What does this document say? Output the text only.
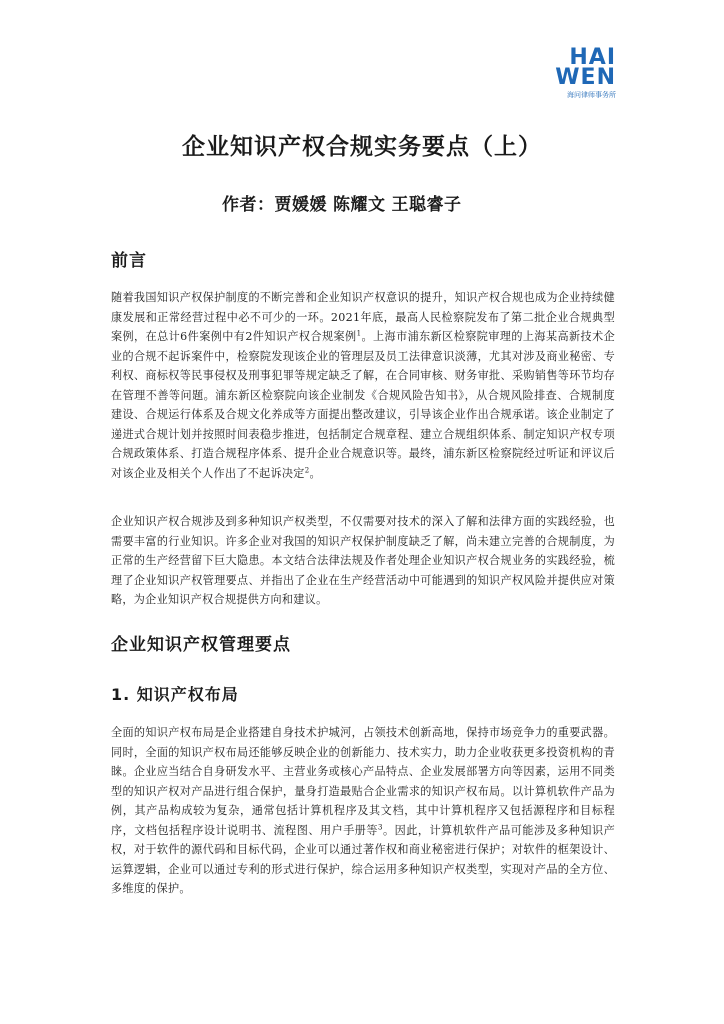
HAI
WEN
海问律师事务所
企业知识产权合规实务要点（上）
作者：贾媛媛 陈耀文 王聪睿子
前言

随着我国知识产权保护制度的不断完善和企业知识产权意识的提升，知识产权合规也成为企业持续健康发展和正常经营过程中必不可少的一环。2021年底，最高人民检察院发布了第二批企业合规典型案例，在总计6件案例中有2件知识产权合规案例$^1$。上海市浦东新区检察院审理的上海某高新技术企业的合规不起诉案件中，检察院发现该企业的管理层及员工法律意识淡薄，尤其对涉及商业秘密、专利权、商标权等民事侵权及刑事犯罪等规定缺乏了解，在合同审核、财务审批、采购销售等环节均存在管理不善等问题。浦东新区检察院向该企业制发《合规风险告知书》，从合规风险排查、合规制度建设、合规运行体系及合规文化养成等方面提出整改建议，引导该企业作出合规承诺。该企业制定了递进式合规计划并按照时间表稳步推进，包括制定合规章程、建立合规组织体系、制定知识产权专项合规政策体系、打造合规程序体系、提升企业合规意识等。最终，浦东新区检察院经过听证和评议后对该企业及相关个人作出了不起诉决定$^2$。

企业知识产权合规涉及到多种知识产权类型，不仅需要对技术的深入了解和法律方面的实践经验，也需要丰富的行业知识。许多企业对我国的知识产权保护制度缺乏了解，尚未建立完善的合规制度，为正常的生产经营留下巨大隐患。本文结合法律法规及作者处理企业知识产权合规业务的实践经验，梳理了企业知识产权管理要点、并指出了企业在生产经营活动中可能遇到的知识产权风险并提供应对策略，为企业知识产权合规提供方向和建议。

企业知识产权管理要点
1. 知识产权布局

全面的知识产权布局是企业搭建自身技术护城河，占领技术创新高地，保持市场竞争力的重要武器。同时，全面的知识产权布局还能够反映企业的创新能力、技术实力，助力企业收获更多投资机构的青睐。企业应当结合自身研发水平、主营业务或核心产品特点、企业发展部署方向等因素，运用不同类型的知识产权对产品进行组合保护，量身打造最贴合企业需求的知识产权布局。以计算机软件产品为例，其产品构成较为复杂，通常包括计算机程序及其文档，其中计算机程序又包括源程序和目标程序，文档包括程序设计说明书、流程图、用户手册等$^3$。因此，计算机软件产品可能涉及多种知识产权，对于软件的源代码和目标代码，企业可以通过著作权和商业秘密进行保护；对软件的框架设计、运算逻辑，企业可以通过专利的形式进行保护，综合运用多种知识产权类型，实现对产品的全方位、多维度的保护。
